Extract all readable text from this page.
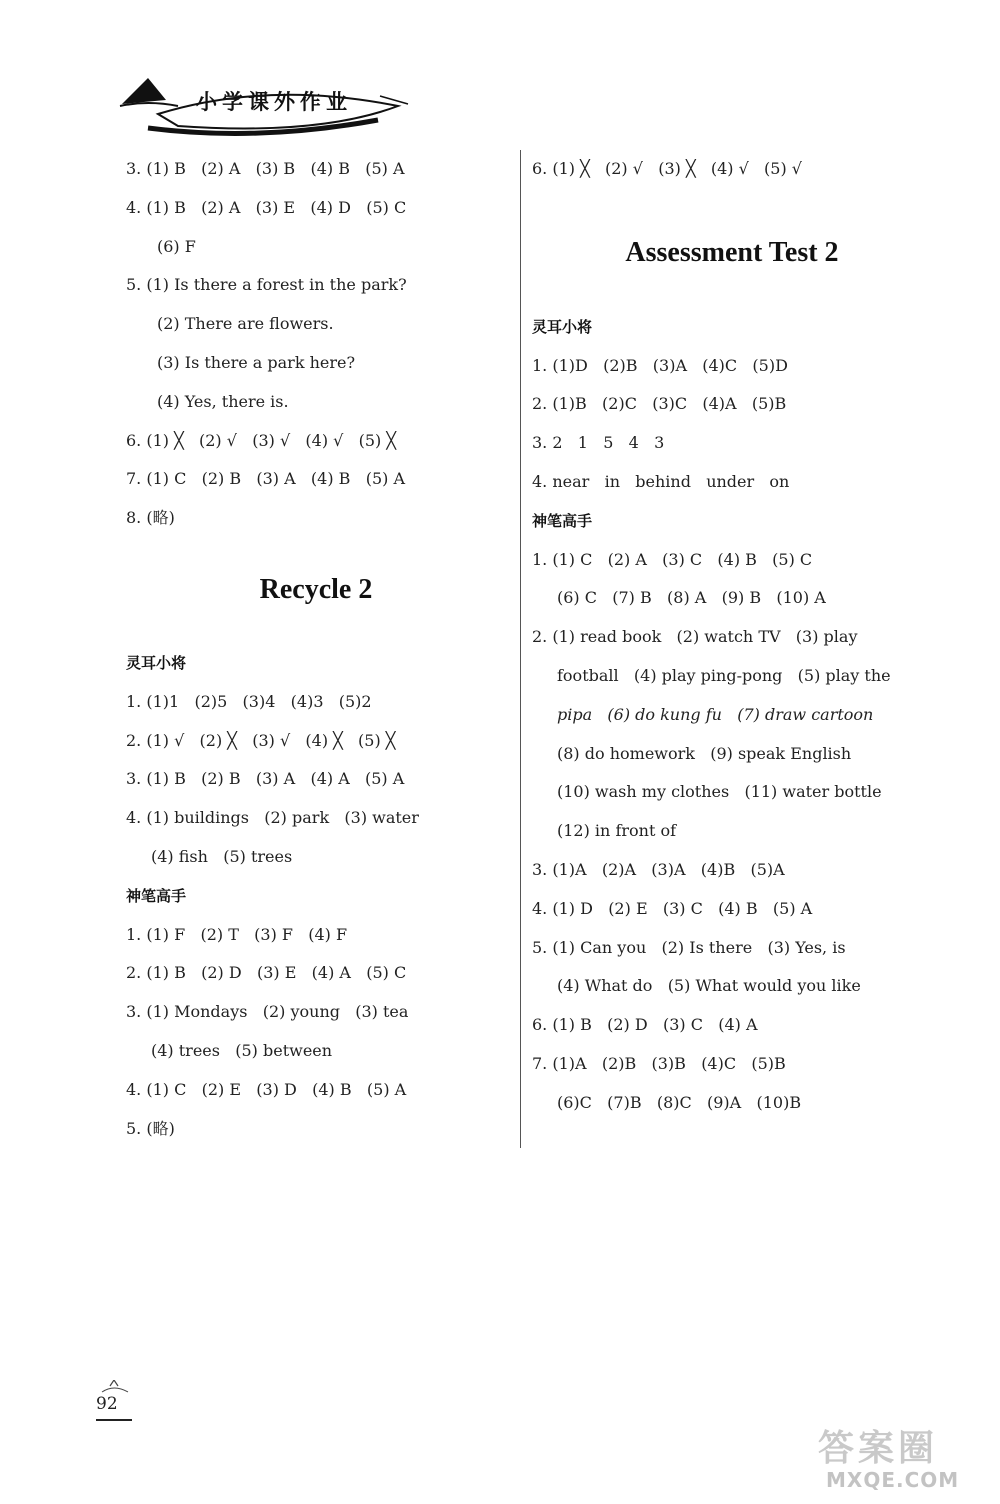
小学课外作业
3. (1) B   (2) A   (3) B   (4) B   (5) A
4. (1) B   (2) A   (3) E   (4) D   (5) C
(6) F
5. (1) Is there a forest in the park?
(2) There are flowers.
(3) Is there a park here?
(4) Yes, there is.
6. (1) ╳   (2) √   (3) √   (4) √   (5) ╳
7. (1) C   (2) B   (3) A   (4) B   (5) A
8. (略)
Recycle 2
灵耳小将
1. (1)1   (2)5   (3)4   (4)3   (5)2
2. (1) √   (2) ╳   (3) √   (4) ╳   (5) ╳
3. (1) B   (2) B   (3) A   (4) A   (5) A
4. (1) buildings   (2) park   (3) water
(4) fish   (5) trees
神笔高手
1. (1) F   (2) T   (3) F   (4) F
2. (1) B   (2) D   (3) E   (4) A   (5) C
3. (1) Mondays   (2) young   (3) tea
(4) trees   (5) between
4. (1) C   (2) E   (3) D   (4) B   (5) A
5. (略)
6. (1) ╳   (2) √   (3) ╳   (4) √   (5) √
Assessment Test 2
灵耳小将
1. (1)D   (2)B   (3)A   (4)C   (5)D
2. (1)B   (2)C   (3)C   (4)A   (5)B
3. 2   1   5   4   3
4. near   in   behind   under   on
神笔高手
1. (1) C   (2) A   (3) C   (4) B   (5) C
(6) C   (7) B   (8) A   (9) B   (10) A
2. (1) read book   (2) watch TV   (3) play
football   (4) play ping-pong   (5) play the
pipa   (6) do kung fu   (7) draw cartoon
(8) do homework   (9) speak English
(10) wash my clothes   (11) water bottle
(12) in front of
3. (1)A   (2)A   (3)A   (4)B   (5)A
4. (1) D   (2) E   (3) C   (4) B   (5) A
5. (1) Can you   (2) Is there   (3) Yes, is
(4) What do   (5) What would you like
6. (1) B   (2) D   (3) C   (4) A
7. (1)A   (2)B   (3)B   (4)C   (5)B
(6)C   (7)B   (8)C   (9)A   (10)B
92
答案圈
MXQE.COM
